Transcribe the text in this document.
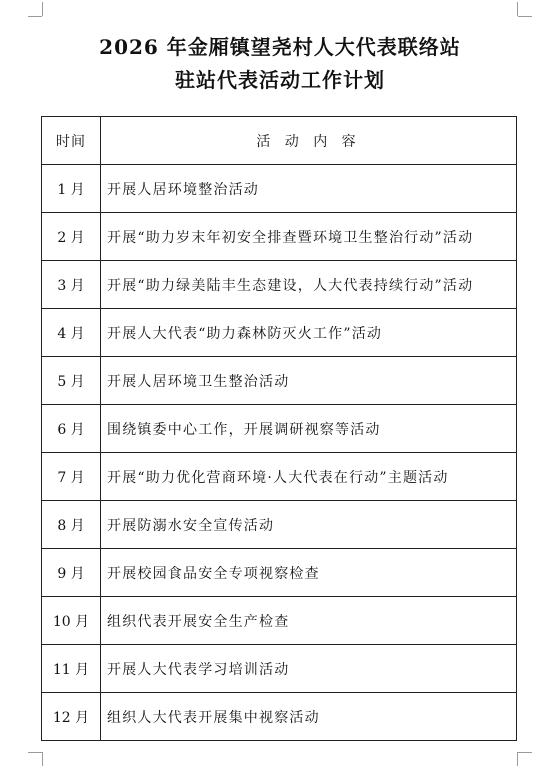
2026 年金厢镇望尧村人大代表联络站
驻站代表活动工作计划
时间	活 动 内 容
1 月	开展人居环境整治活动
2 月	开展“助力岁末年初安全排查暨环境卫生整治行动”活动
3 月	开展“助力绿美陆丰生态建设，人大代表持续行动”活动
4 月	开展人大代表“助力森林防灭火工作”活动
5 月	开展人居环境卫生整治活动
6 月	围绕镇委中心工作，开展调研视察等活动
7 月	开展“助力优化营商环境·人大代表在行动”主题活动
8 月	开展防溺水安全宣传活动
9 月	开展校园食品安全专项视察检查
10 月	组织代表开展安全生产检查
11 月	开展人大代表学习培训活动
12 月	组织人大代表开展集中视察活动
